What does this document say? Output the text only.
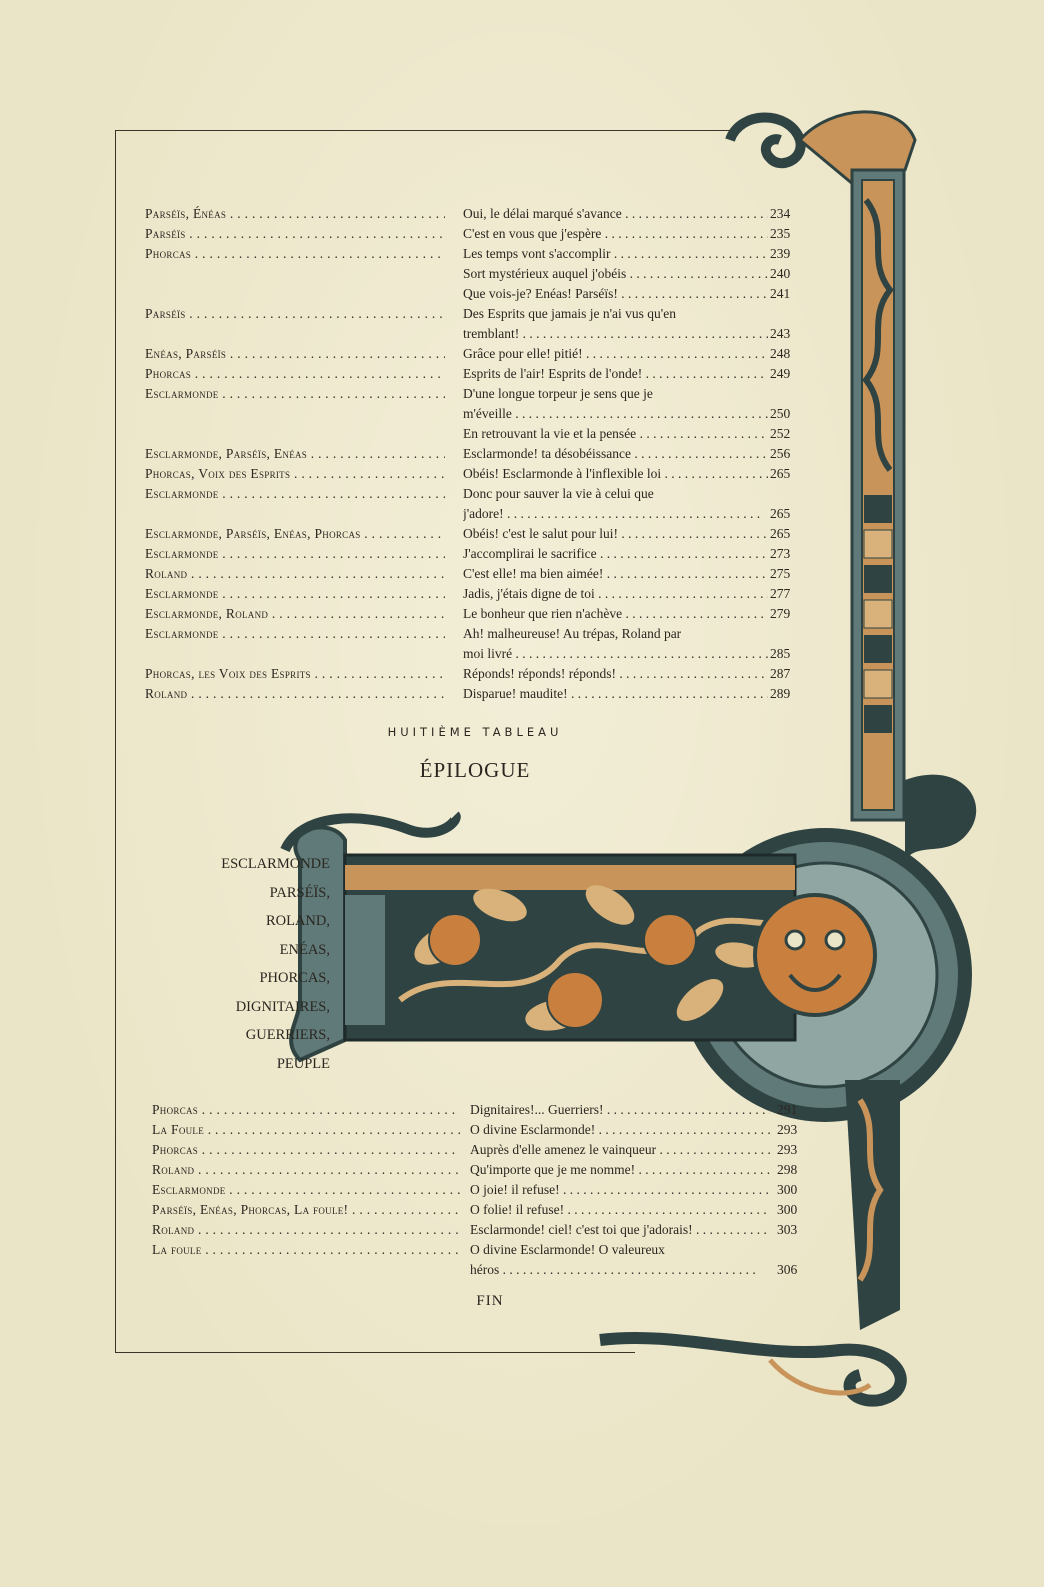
Parséïs, Énéas . . .	Oui, le délai marqué s'avance . . .	234
Parséïs . . .	C'est en vous que j'espère . . .	235
Phorcas . . .	Les temps vont s'accomplir . . .	239
Sort mystérieux auquel j'obéis . . .	240
Que vois-je? Enéas! Parséïs! . . .	241
Parséïs . . .	Des Esprits que jamais je n'ai vus qu'en
tremblant! . . .	243
Enéas, Parséïs . . .	Grâce pour elle! pitié! . . .	248
Phorcas . . .	Esprits de l'air! Esprits de l'onde! . . .	249
Esclarmonde . . .	D'une longue torpeur je sens que je
m'éveille . . .	250
En retrouvant la vie et la pensée . . .	252
Esclarmonde, Parséïs, Enéas . . .	Esclarmonde! ta désobéissance . . .	256
Phorcas, Voix des Esprits . . .	Obéis! Esclarmonde à l'inflexible loi . . .	265
Esclarmonde . . .	Donc pour sauver la vie à celui que
j'adore! . . .	265
Esclarmonde, Parséïs, Enéas, Phorcas . . .	Obéis! c'est le salut pour lui! . . .	265
Esclarmonde . . .	J'accomplirai le sacrifice . . .	273
Roland . . .	C'est elle! ma bien aimée! . . .	275
Esclarmonde . . .	Jadis, j'étais digne de toi . . .	277
Esclarmonde, Roland . . .	Le bonheur que rien n'achève . . .	279
Esclarmonde . . .	Ah! malheureuse! Au trépas, Roland par
moi livré . . .	285
Phorcas, les Voix des Esprits . . .	Réponds! réponds! réponds! . . .	287
Roland . . .	Disparue! maudite! . . .	289
HUITIÈME TABLEAU
ÉPILOGUE
ESCLARMONDE
PARSÉÏS,
ROLAND,
ENÉAS,
PHORCAS,
DIGNITAIRES,
GUERRIERS,
PEUPLE
Phorcas . . .	Dignitaires!... Guerriers! . . .	291
La Foule . . .	O divine Esclarmonde! . . .	293
Phorcas . . .	Auprès d'elle amenez le vainqueur . . .	293
Roland . . .	Qu'importe que je me nomme! . . .	298
Esclarmonde . . .	O joie! il refuse! . . .	300
Parséïs, Enéas, Phorcas, La foule! . . .	O folie! il refuse! . . .	300
Roland . . .	Esclarmonde! ciel! c'est toi que j'adorais! . . .	303
La foule . . .	O divine Esclarmonde! O valeureux
héros . . .	306
FIN
